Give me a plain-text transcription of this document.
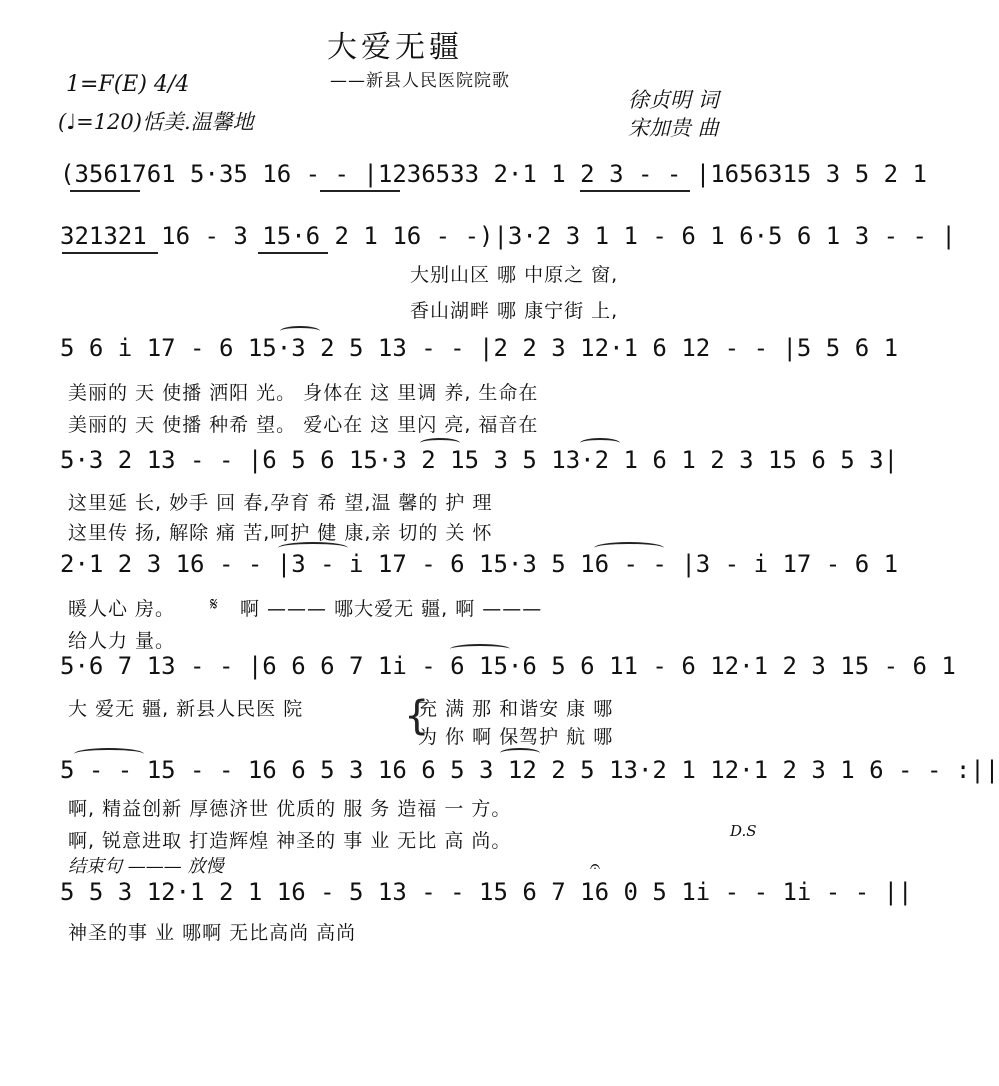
大爱无疆
——新县人民医院院歌
1=F(E) 4/4
(♩=120)恬美.温馨地
徐贞明 词
宋加贵 曲
(3561761 5·35 16 - - |1236533 2·1 1 2 3 - - |1656315 3 5 2 1
321321 16 - 3 15·6 2 1 16 - -)|3·2 3 1 1 - 6 1 6·5 6 1 3 - - |
大别山区 哪 中原之 窗,
香山湖畔 哪 康宁街 上,
5 6 i 17 - 6 15·3 2 5 13 - - |2 2 3 12·1 6 12 - - |5 5 6 1
美丽的 天 使播 洒阳 光。 身体在 这 里调 养, 生命在
美丽的 天 使播 种希 望。 爱心在 这 里闪 亮, 福音在
5·3 2 13 - - |6 5 6 15·3 2 15 3 5 13·2 1 6 1 2 3 15 6 5 3|
这里延 长, 妙手 回 春,孕育 希 望,温 馨的 护 理
这里传 扬, 解除 痛 苦,呵护 健 康,亲 切的 关 怀
2·1 2 3 16 - - |3 - i 17 - 6 15·3 5 16 - - |3 - i 17 - 6 1
暖人心 房。 𝄋 啊 ——— 哪大爱无 疆, 啊 ———
给人力 量。
5·6 7 13 - - |6 6 6 7 1i - 6 15·6 5 6 11 - 6 12·1 2 3 15 - 6 1
大 爱无 疆, 新县人民医 院	{
充 满 那 和谐安 康 哪
为 你 啊 保驾护 航 哪
5 - - 15 - - 16 6 5 3 16 6 5 3 12 2 5 13·2 1 12·1 2 3 1 6 - - :||
啊, 精益创新 厚德济世 优质的 服 务 造福 一 方。
啊, 锐意进取 打造辉煌 神圣的 事 业 无比 高 尚。	D.S
结束句 ——— 放慢
5 5 3 12·1 2 1 16 - 5 13 - - 15 6 7 16 0 5 1i - - 1i - - ||
𝄐
神圣的事 业 哪啊 无比高尚 高尚
